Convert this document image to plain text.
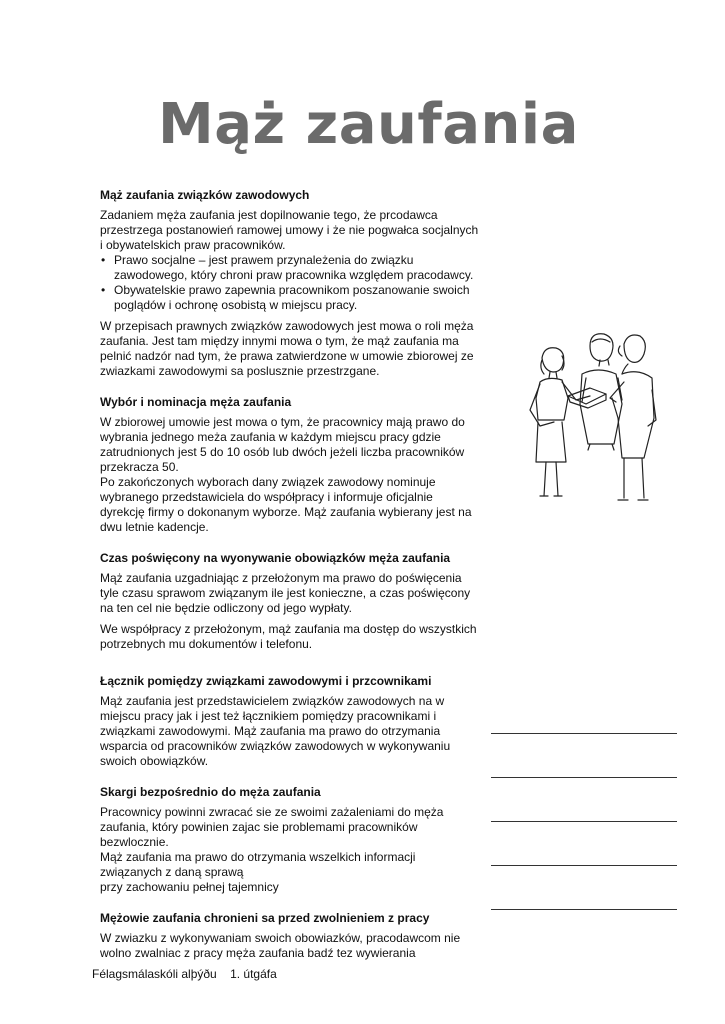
Mąż zaufania
Mąż zaufania związków zawodowych

Zadaniem męża zaufania jest dopilnowanie tego, że prcodawca przestrzega postanowień ramowej umowy i że nie pogwałca socjalnych i obywatelskich praw pracowników.

• Prawo socjalne – jest prawem przynależenia do związku zawodowego, który chroni praw pracownika względem pracodawcy.
• Obywatelskie prawo zapewnia pracownikom poszanowanie swoich poglądów i ochronę osobistą w miejscu pracy.

W przepisach prawnych związków zawodowych jest mowa o roli męża zaufania. Jest tam między innymi mowa o tym, że mąż zaufania ma pelnić nadzór nad tym, że prawa zatwierdzone w umowie zbiorowej ze zwiazkami zawodowymi sa poslusznie przestrzgane.

Wybór i nominacja męża zaufania

W zbiorowej umowie jest mowa o tym, że pracownicy mają prawo do wybrania jednego meża zaufania w każdym miejscu pracy gdzie zatrudnionych jest 5 do 10 osób lub dwóch jeżeli liczba pracowników przekracza 50.

Po zakończonych wyborach dany związek zawodowy nominuje wybranego przedstawiciela do współpracy i informuje oficjalnie dyrekcję firmy o dokonanym wyborze. Mąż zaufania wybierany jest na dwu letnie kadencje.

Czas poświęcony na wyonywanie obowiązków męża zaufania

Mąż zaufania uzgadniając z przełożonym ma prawo do poświęcenia tyle czasu sprawom związanym ile jest konieczne, a czas poświęcony na ten cel nie będzie odliczony od jego wypłaty.

We współpracy z przełożonym, mąż zaufania ma dostęp do wszystkich potrzebnych mu dokumentów i telefonu.

Łącznik pomiędzy związkami zawodowymi i przcownikami

Mąż zaufania jest przedstawicielem związków zawodowych na w miejscu pracy jak i jest też łącznikiem pomiędzy pracownikami i związkami zawodowymi. Mąż zaufania ma prawo do otrzymania wsparcia od pracowników związków zawodowych w wykonywaniu swoich obowiązków.

Skargi bezpośrednio do męża zaufania

Pracownicy powinni zwracać sie ze swoimi zażaleniami do męża zaufania, który powinien zajac sie problemami pracowników bezwlocznie.

Mąż zaufania ma prawo do otrzymania wszelkich informacji związanych z daną sprawą

przy zachowaniu pełnej tajemnicy

Mężowie zaufania chronieni sa przed zwolnieniem z pracy

W zwiazku z wykonywaniam swoich obowiazków, pracodawcom nie wolno zwalniac z pracy męża zaufania badź tez wywierania

Félagsmálaskóli alþýðu 1. útgáfa
